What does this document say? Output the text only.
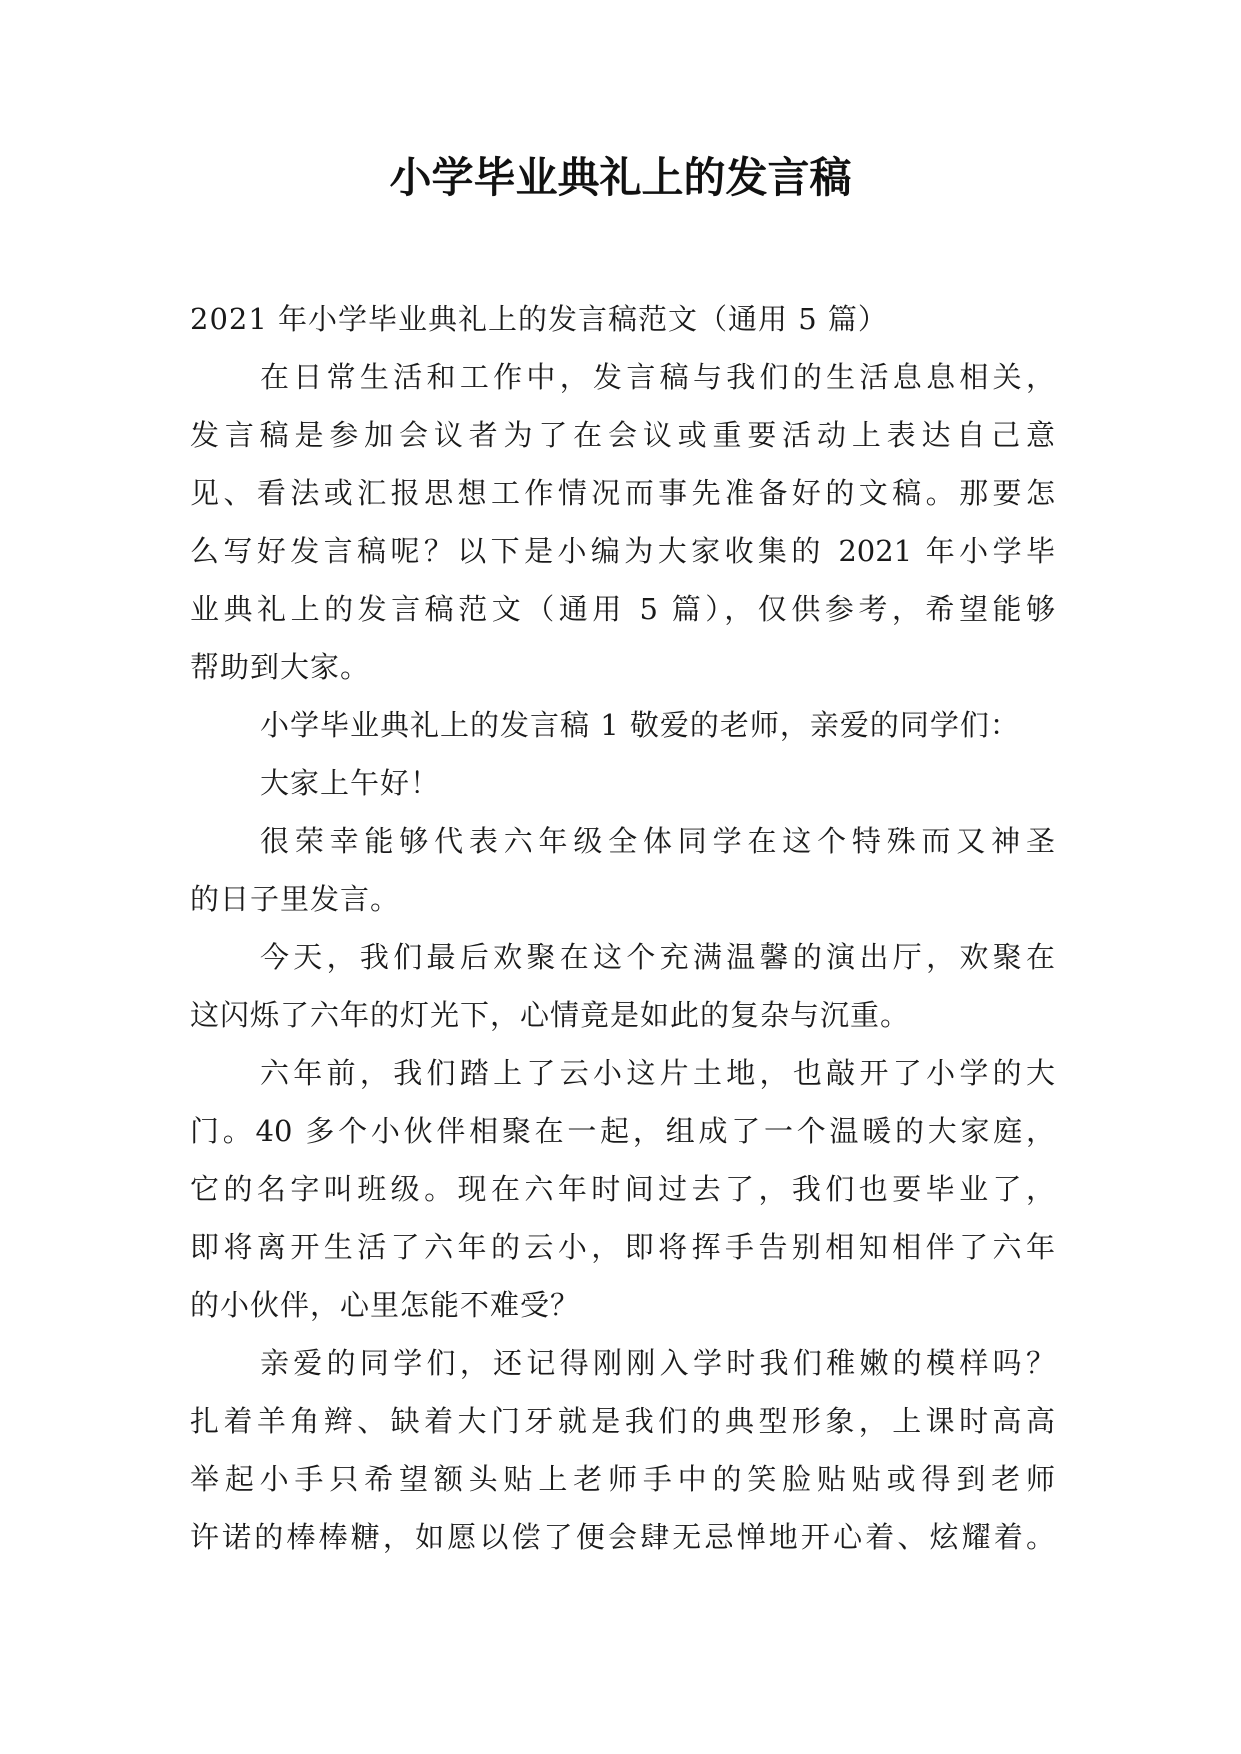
小学毕业典礼上的发言稿

2021 年小学毕业典礼上的发言稿范文（通用 5 篇）

在日常生活和工作中，发言稿与我们的生活息息相关，

发言稿是参加会议者为了在会议或重要活动上表达自己意

见、看法或汇报思想工作情况而事先准备好的文稿。那要怎

么写好发言稿呢？以下是小编为大家收集的 2021 年小学毕

业典礼上的发言稿范文（通用 5 篇），仅供参考，希望能够

帮助到大家。

小学毕业典礼上的发言稿 1 敬爱的老师，亲爱的同学们：

大家上午好！

很荣幸能够代表六年级全体同学在这个特殊而又神圣

的日子里发言。

今天，我们最后欢聚在这个充满温馨的演出厅，欢聚在

这闪烁了六年的灯光下，心情竟是如此的复杂与沉重。

六年前，我们踏上了云小这片土地，也敲开了小学的大

门。40 多个小伙伴相聚在一起，组成了一个温暖的大家庭，

它的名字叫班级。现在六年时间过去了，我们也要毕业了，

即将离开生活了六年的云小，即将挥手告别相知相伴了六年

的小伙伴，心里怎能不难受？

亲爱的同学们，还记得刚刚入学时我们稚嫩的模样吗？

扎着羊角辫、缺着大门牙就是我们的典型形象，上课时高高

举起小手只希望额头贴上老师手中的笑脸贴贴或得到老师

许诺的棒棒糖，如愿以偿了便会肆无忌惮地开心着、炫耀着。
